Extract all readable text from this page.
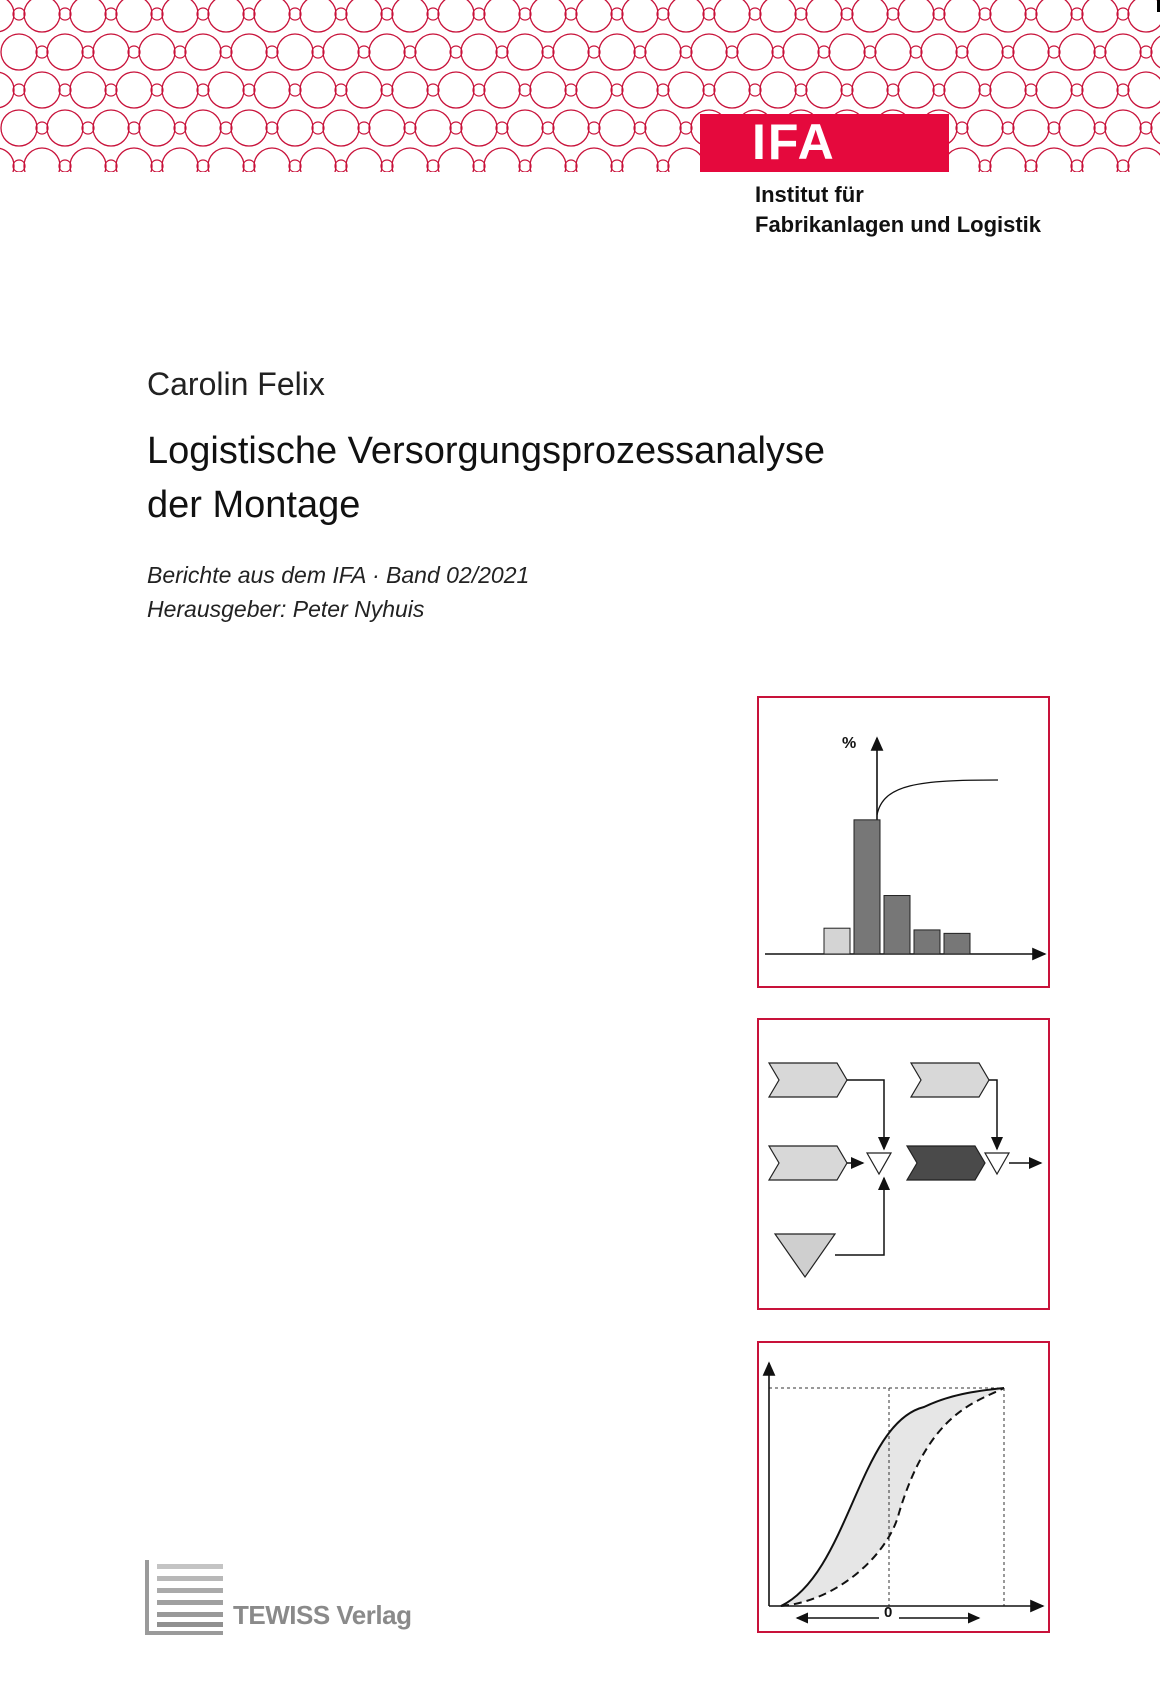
IFA
Institut für
Fabrikanlagen und Logistik
Carolin Felix
Logistische Versorgungsprozessanalyse
der Montage
Berichte aus dem IFA · Band 02/2021
Herausgeber: Peter Nyhuis
%
0
TEWISS Verlag
